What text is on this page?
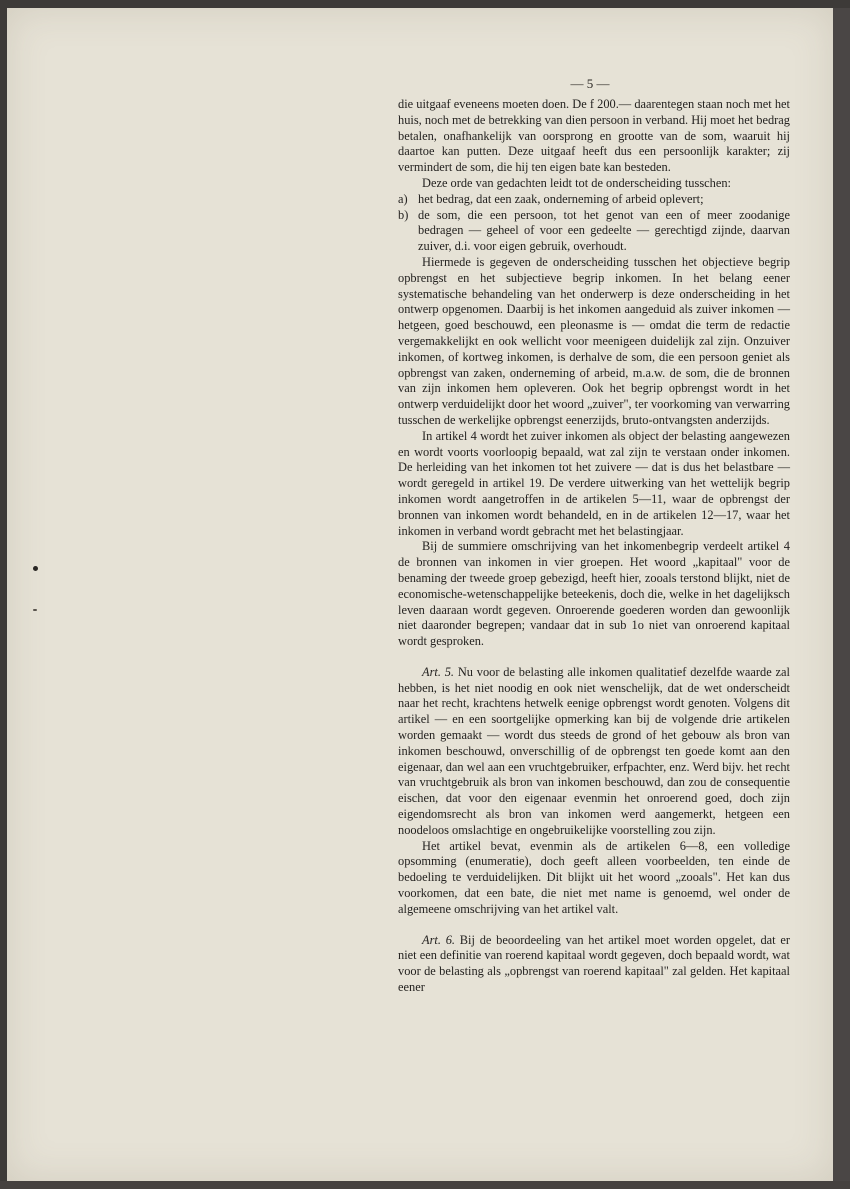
— 5 —

die uitgaaf eveneens moeten doen. De f 200.— daarentegen staan noch met het huis, noch met de betrekking van dien persoon in verband. Hij moet het bedrag betalen, onafhankelijk van oorsprong en grootte van de som, waaruit hij daartoe kan putten. Deze uitgaaf heeft dus een persoonlijk karakter; zij vermindert de som, die hij ten eigen bate kan besteden.

Deze orde van gedachten leidt tot de onderscheiding tusschen:

a) het bedrag, dat een zaak, onderneming of arbeid oplevert;
b) de som, die een persoon, tot het genot van een of meer zoodanige bedragen — geheel of voor een gedeelte — gerechtigd zijnde, daarvan zuiver, d.i. voor eigen gebruik, overhoudt.

Hiermede is gegeven de onderscheiding tusschen het objectieve begrip opbrengst en het subjectieve begrip inkomen. In het belang eener systematische behandeling van het onderwerp is deze onderscheiding in het ontwerp opgenomen. Daarbij is het inkomen aangeduid als zuiver inkomen — hetgeen, goed beschouwd, een pleonasme is — omdat die term de redactie vergemakkelijkt en ook wellicht voor meenigeen duidelijk zal zijn. Onzuiver inkomen, of kortweg inkomen, is derhalve de som, die een persoon geniet als opbrengst van zaken, onderneming of arbeid, m.a.w. de som, die de bronnen van zijn inkomen hem opleveren. Ook het begrip opbrengst wordt in het ontwerp verduidelijkt door het woord „zuiver", ter voorkoming van verwarring tusschen de werkelijke opbrengst eenerzijds, bruto-ontvangsten anderzijds.

In artikel 4 wordt het zuiver inkomen als object der belasting aangewezen en wordt voorts voorloopig bepaald, wat zal zijn te verstaan onder inkomen. De herleiding van het inkomen tot het zuivere — dat is dus het belastbare — wordt geregeld in artikel 19. De verdere uitwerking van het wettelijk begrip inkomen wordt aangetroffen in de artikelen 5—11, waar de opbrengst der bronnen van inkomen wordt behandeld, en in de artikelen 12—17, waar het inkomen in verband wordt gebracht met het belastingjaar.

Bij de summiere omschrijving van het inkomenbegrip verdeelt artikel 4 de bronnen van inkomen in vier groepen. Het woord „kapitaal" voor de benaming der tweede groep gebezigd, heeft hier, zooals terstond blijkt, niet de economische-wetenschappelijke beteekenis, doch die, welke in het dagelijksch leven daaraan wordt gegeven. Onroerende goederen worden dan gewoonlijk niet daaronder begrepen; vandaar dat in sub 1o niet van onroerend kapitaal wordt gesproken.

Art. 5. Nu voor de belasting alle inkomen qualitatief dezelfde waarde zal hebben, is het niet noodig en ook niet wenschelijk, dat de wet onderscheidt naar het recht, krachtens hetwelk eenige opbrengst wordt genoten. Volgens dit artikel — en een soortgelijke opmerking kan bij de volgende drie artikelen worden gemaakt — wordt dus steeds de grond of het gebouw als bron van inkomen beschouwd, onverschillig of de opbrengst ten goede komt aan den eigenaar, dan wel aan een vruchtgebruiker, erfpachter, enz. Werd bijv. het recht van vruchtgebruik als bron van inkomen beschouwd, dan zou de consequentie eischen, dat voor den eigenaar evenmin het onroerend goed, doch zijn eigendomsrecht als bron van inkomen werd aangemerkt, hetgeen een noodeloos omslachtige en ongebruikelijke voorstelling zou zijn.

Het artikel bevat, evenmin als de artikelen 6—8, een volledige opsomming (enumeratie), doch geeft alleen voorbeelden, ten einde de bedoeling te verduidelijken. Dit blijkt uit het woord „zooals". Het kan dus voorkomen, dat een bate, die niet met name is genoemd, wel onder de algemeene omschrijving van het artikel valt.

Art. 6. Bij de beoordeeling van het artikel moet worden opgelet, dat er niet een definitie van roerend kapitaal wordt gegeven, doch bepaald wordt, wat voor de belasting als „opbrengst van roerend kapitaal" zal gelden. Het kapitaal eener
